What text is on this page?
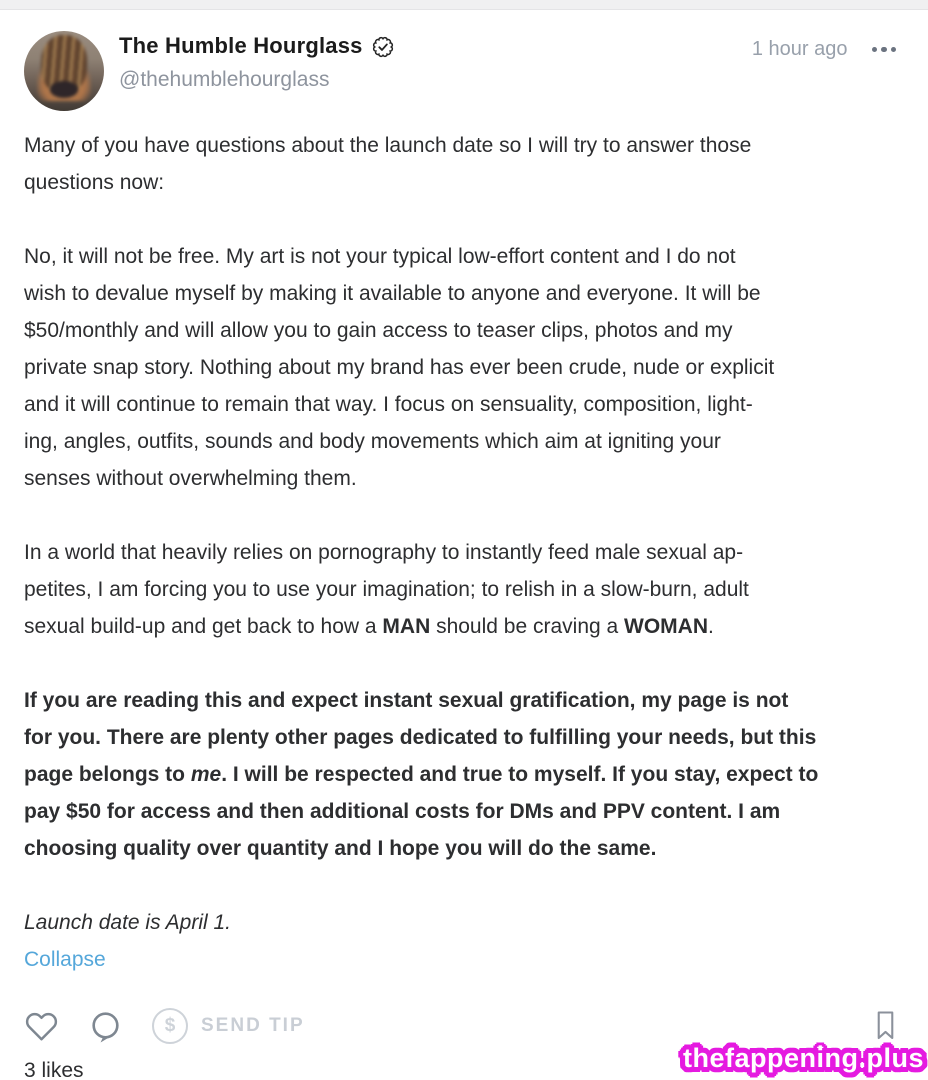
The Humble Hourglass
@thehumblehourglass
1 hour ago
Many of you have questions about the launch date so I will try to answer those
questions now:
No, it will not be free. My art is not your typical low-effort content and I do not
wish to devalue myself by making it available to anyone and everyone. It will be
$50/monthly and will allow you to gain access to teaser clips, photos and my
private snap story. Nothing about my brand has ever been crude, nude or explicit
and it will continue to remain that way. I focus on sensuality, composition, light-
ing, angles, outfits, sounds and body movements which aim at igniting your
senses without overwhelming them.
In a world that heavily relies on pornography to instantly feed male sexual ap-
petites, I am forcing you to use your imagination; to relish in a slow-burn, adult
sexual build-up and get back to how a MAN should be craving a WOMAN.
If you are reading this and expect instant sexual gratification, my page is not
for you. There are plenty other pages dedicated to fulfilling your needs, but this
page belongs to me. I will be respected and true to myself. If you stay, expect to
pay $50 for access and then additional costs for DMs and PPV content. I am
choosing quality over quantity and I hope you will do the same.
Launch date is April 1.
Collapse
$ SEND TIP
3 likes	thefappening.plus
